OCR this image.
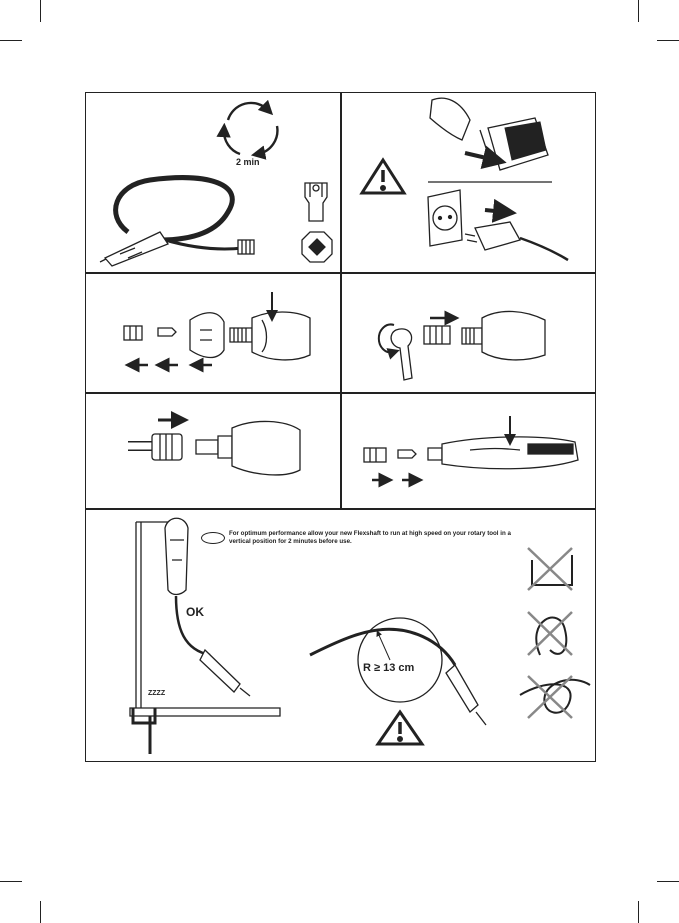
2 min
For optimum performance allow your new Flexshaft to run at high speed on your rotary tool in a vertical position for 2 minutes before use.
OK
ZZZZ
R ≥ 13 cm
